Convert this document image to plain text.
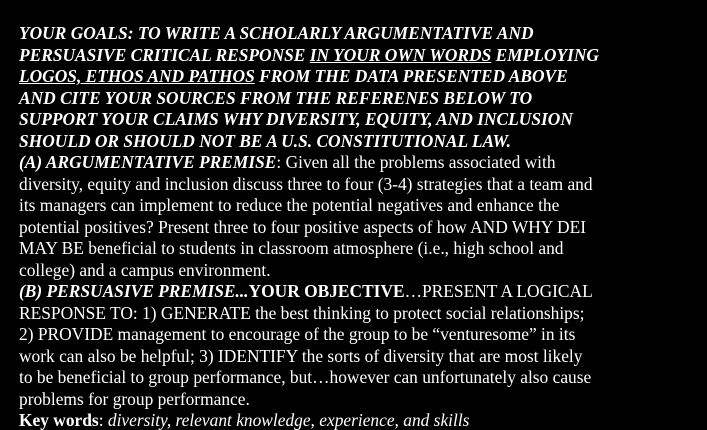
YOUR GOALS: TO WRITE A SCHOLARLY ARGUMENTATIVE AND
PERSUASIVE CRITICAL RESPONSE IN YOUR OWN WORDS EMPLOYING
LOGOS, ETHOS AND PATHOS FROM THE DATA PRESENTED ABOVE
AND CITE YOUR SOURCES FROM THE REFERENES BELOW TO
SUPPORT YOUR CLAIMS WHY DIVERSITY, EQUITY, AND INCLUSION
SHOULD OR SHOULD NOT BE A U.S. CONSTITUTIONAL LAW.
(A) ARGUMENTATIVE PREMISE: Given all the problems associated with
diversity, equity and inclusion discuss three to four (3-4) strategies that a team and
its managers can implement to reduce the potential negatives and enhance the
potential positives? Present three to four positive aspects of how AND WHY DEI
MAY BE beneficial to students in classroom atmosphere (i.e., high school and
college) and a campus environment.
(B) PERSUASIVE PREMISE...YOUR OBJECTIVE…PRESENT A LOGICAL
RESPONSE TO: 1) GENERATE the best thinking to protect social relationships;
2) PROVIDE management to encourage of the group to be “venturesome” in its
work can also be helpful; 3) IDENTIFY the sorts of diversity that are most likely
to be beneficial to group performance, but…however can unfortunately also cause
problems for group performance.
Key words: diversity, relevant knowledge, experience, and skills
